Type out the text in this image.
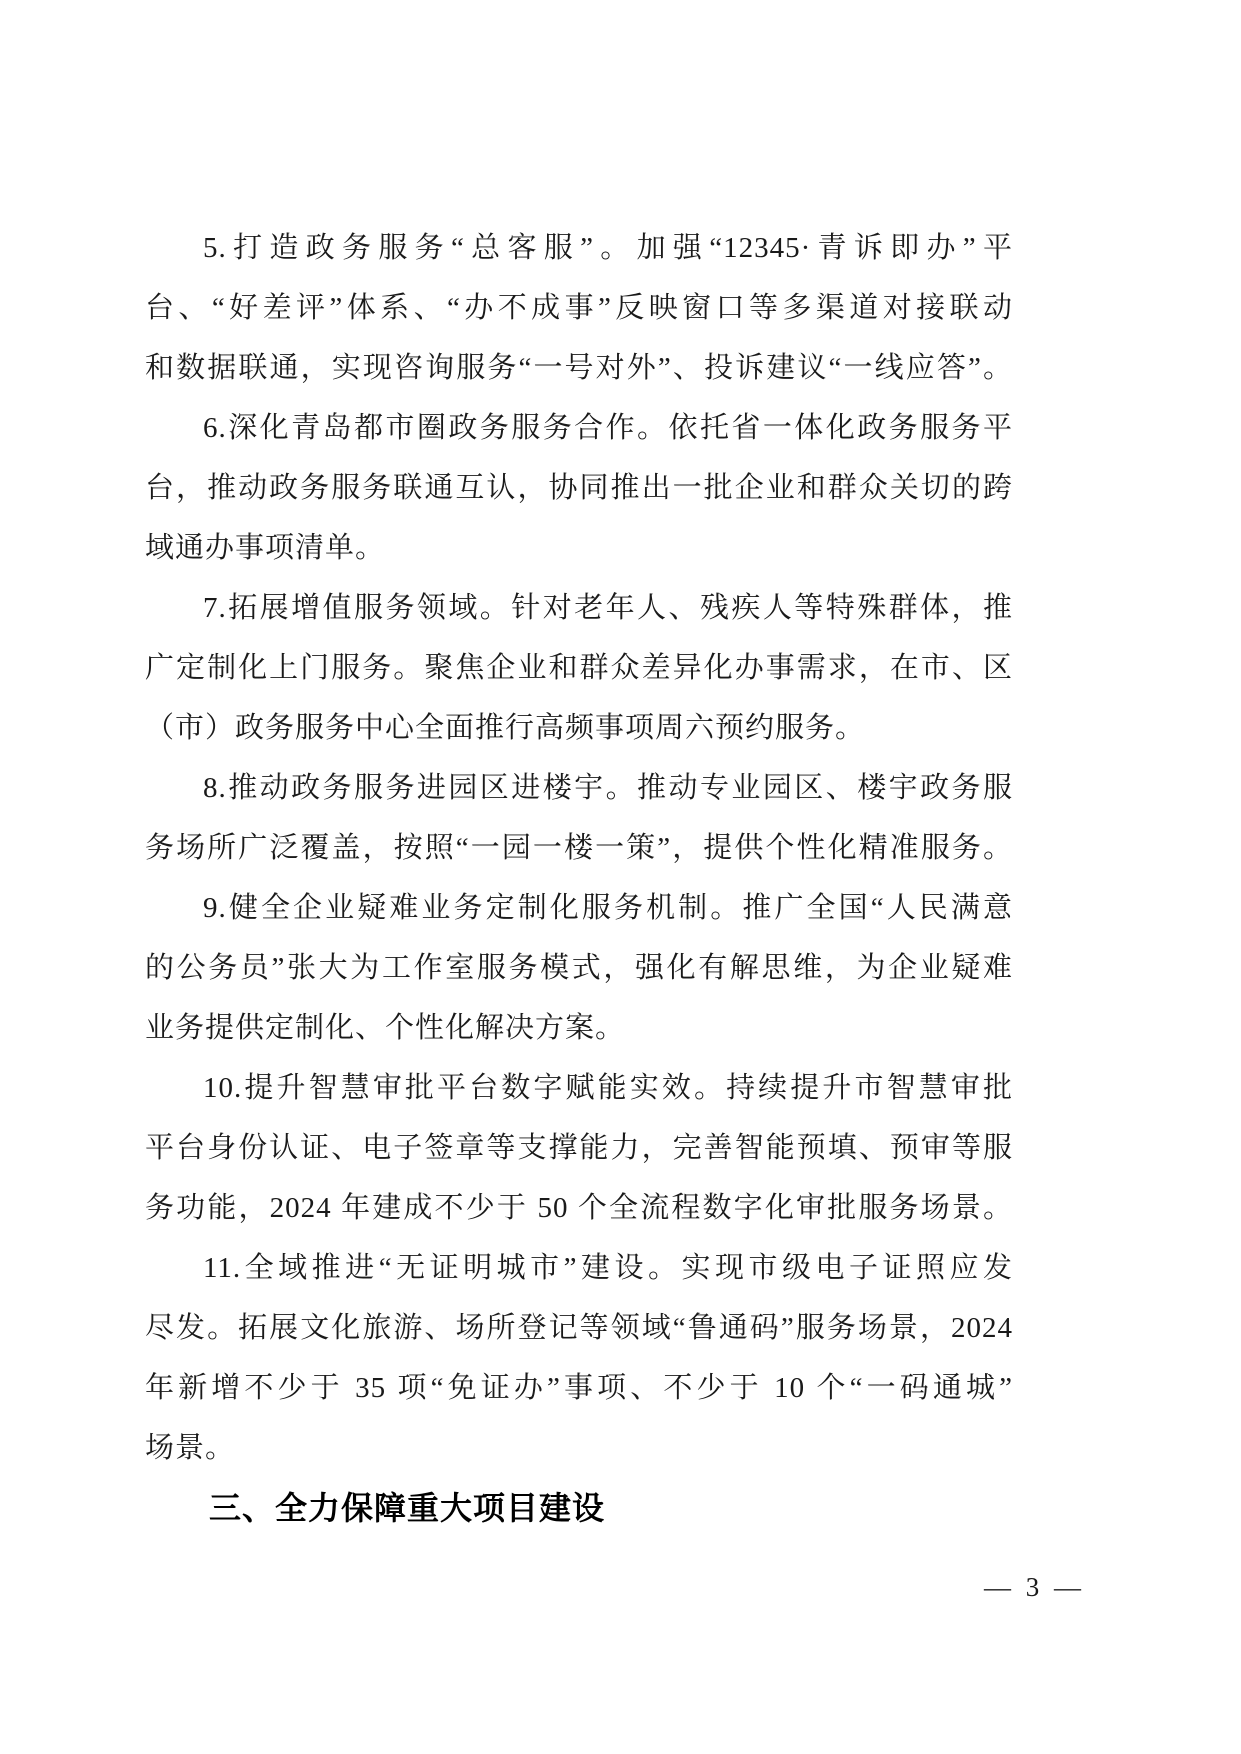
5.打造政务服务“总客服”。加强“12345·青诉即办”平
台、“好差评”体系、“办不成事”反映窗口等多渠道对接联动
和数据联通，实现咨询服务“一号对外”、投诉建议“一线应答”。
6.深化青岛都市圈政务服务合作。依托省一体化政务服务平
台，推动政务服务联通互认，协同推出一批企业和群众关切的跨
域通办事项清单。
7.拓展增值服务领域。针对老年人、残疾人等特殊群体，推
广定制化上门服务。聚焦企业和群众差异化办事需求，在市、区
（市）政务服务中心全面推行高频事项周六预约服务。
8.推动政务服务进园区进楼宇。推动专业园区、楼宇政务服
务场所广泛覆盖，按照“一园一楼一策”，提供个性化精准服务。
9.健全企业疑难业务定制化服务机制。推广全国“人民满意
的公务员”张大为工作室服务模式，强化有解思维，为企业疑难
业务提供定制化、个性化解决方案。
10.提升智慧审批平台数字赋能实效。持续提升市智慧审批
平台身份认证、电子签章等支撑能力，完善智能预填、预审等服
务功能，2024 年建成不少于 50 个全流程数字化审批服务场景。
11.全域推进“无证明城市”建设。实现市级电子证照应发
尽发。拓展文化旅游、场所登记等领域“鲁通码”服务场景，2024
年新增不少于 35 项“免证办”事项、不少于 10 个“一码通城”
场景。
三、全力保障重大项目建设
— 3 —
